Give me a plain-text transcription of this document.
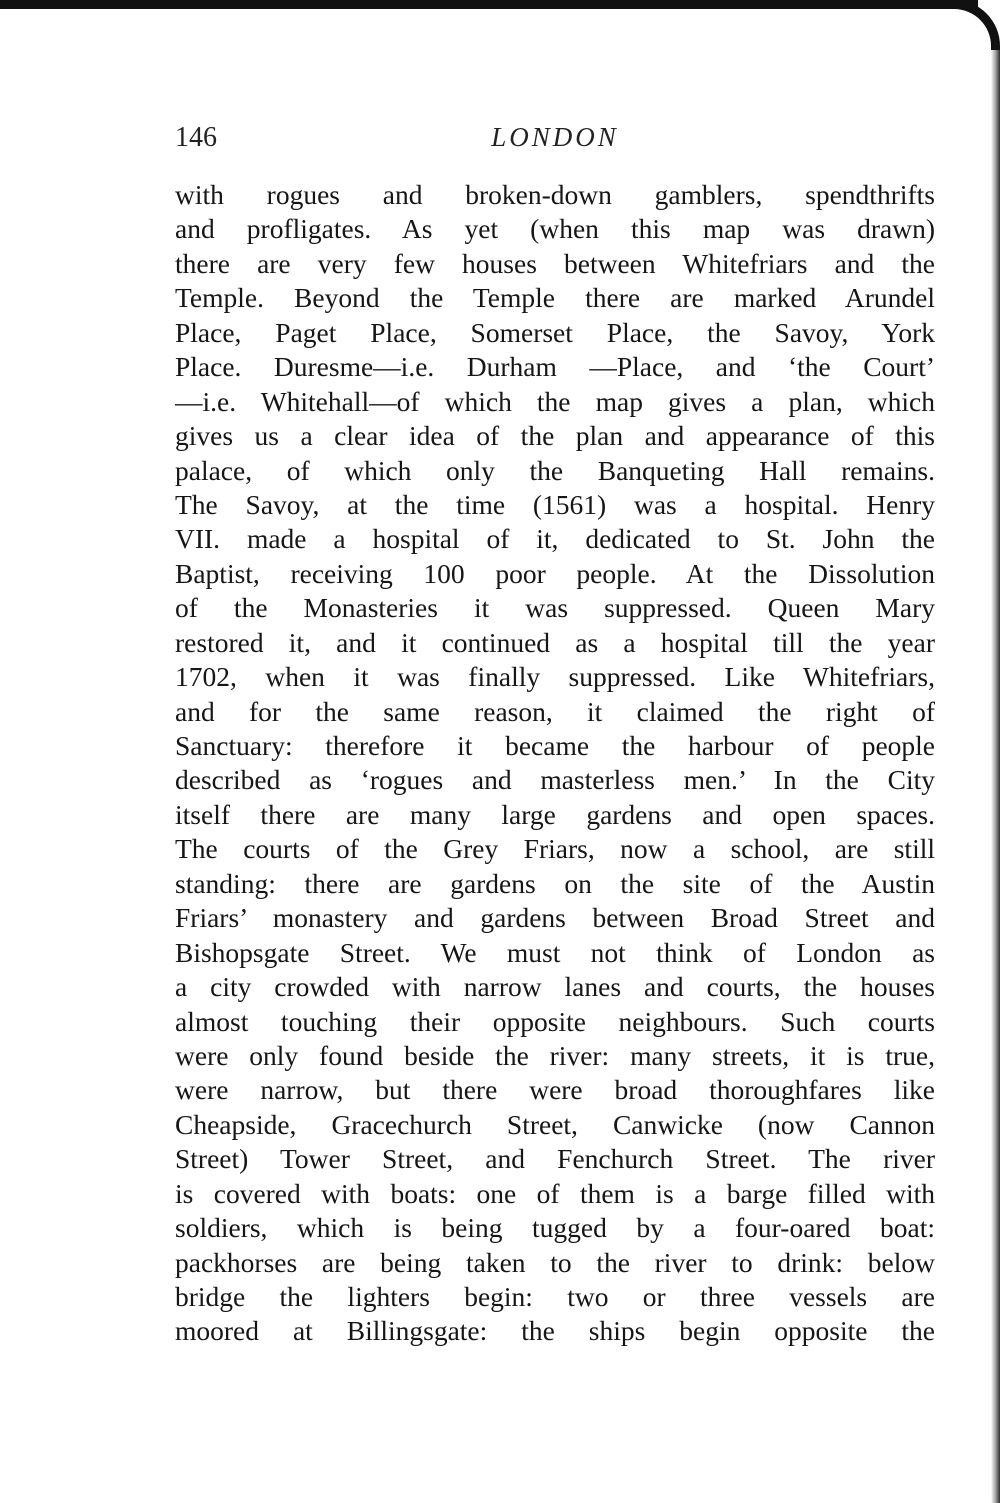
146	LONDON
with rogues and broken-down gamblers, spendthrifts
and profligates. As yet (when this map was drawn)
there are very few houses between Whitefriars and the
Temple. Beyond the Temple there are marked Arundel
Place, Paget Place, Somerset Place, the Savoy, York
Place. Duresme—i.e. Durham —Place, and ‘the Court’
—i.e. Whitehall—of which the map gives a plan, which
gives us a clear idea of the plan and appearance of this
palace, of which only the Banqueting Hall remains.
The Savoy, at the time (1561) was a hospital. Henry
VII. made a hospital of it, dedicated to St. John the
Baptist, receiving 100 poor people. At the Dissolution
of the Monasteries it was suppressed. Queen Mary
restored it, and it continued as a hospital till the year
1702, when it was finally suppressed. Like Whitefriars,
and for the same reason, it claimed the right of
Sanctuary: therefore it became the harbour of people
described as ‘rogues and masterless men.’ In the City
itself there are many large gardens and open spaces.
The courts of the Grey Friars, now a school, are still
standing: there are gardens on the site of the Austin
Friars’ monastery and gardens between Broad Street and
Bishopsgate Street. We must not think of London as
a city crowded with narrow lanes and courts, the houses
almost touching their opposite neighbours. Such courts
were only found beside the river: many streets, it is true,
were narrow, but there were broad thoroughfares like
Cheapside, Gracechurch Street, Canwicke (now Cannon
Street) Tower Street, and Fenchurch Street. The river
is covered with boats: one of them is a barge filled with
soldiers, which is being tugged by a four-oared boat:
packhorses are being taken to the river to drink: below
bridge the lighters begin: two or three vessels are
moored at Billingsgate: the ships begin opposite the
